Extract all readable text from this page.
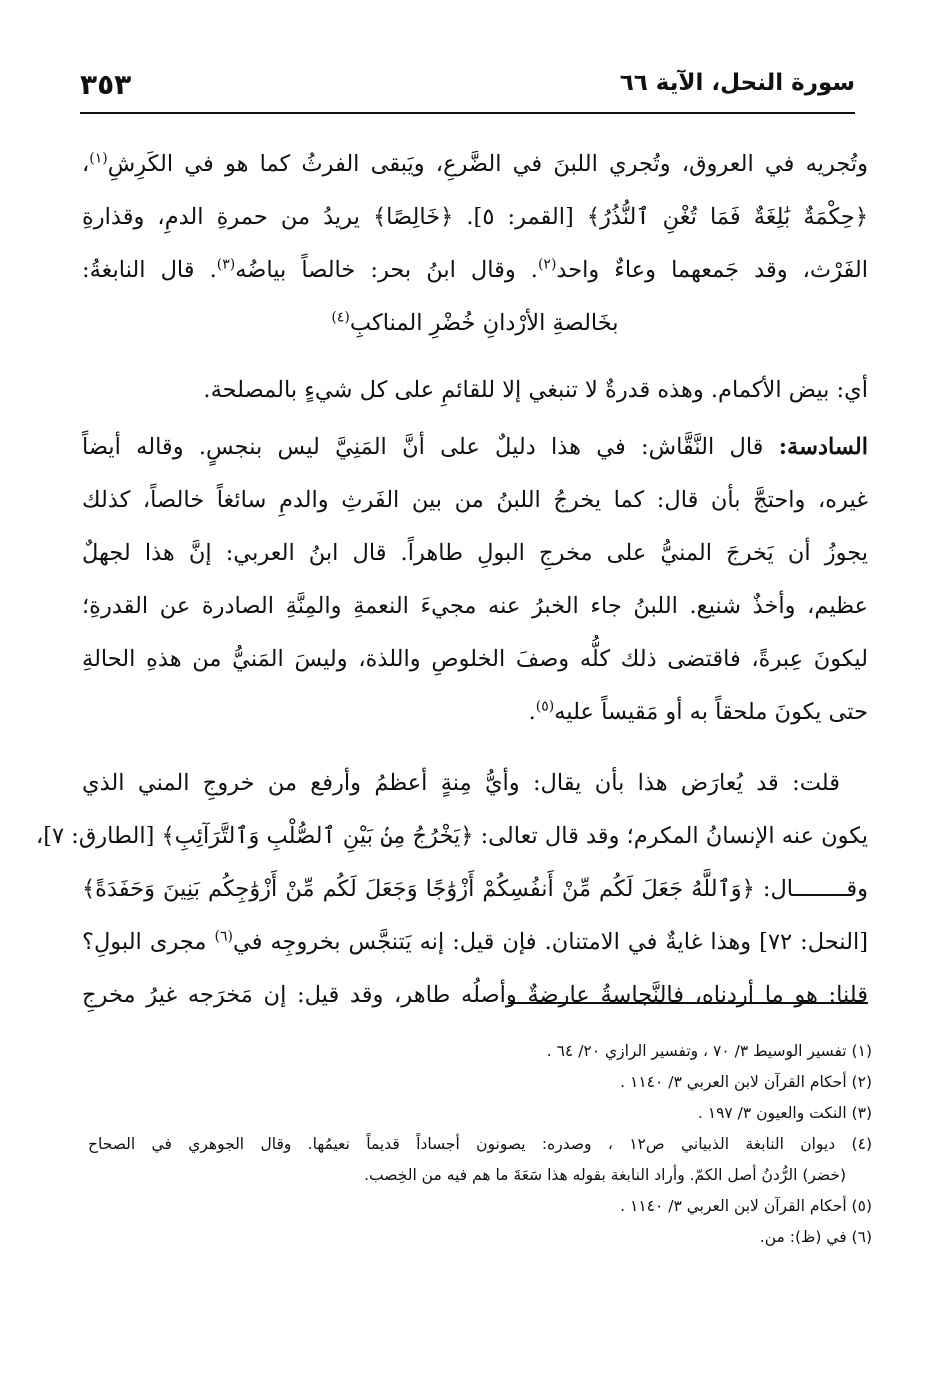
سورة النحل، الآية ٦٦
٣٥٣

وتُجريه في العروق، وتُجري اللبنَ في الضَّرعِ، ويَبقى الفرثُ كما هو في الكَرِشِ$^{(١)}$،

﴿حِكْمَةٌ بَٰلِغَةٌ فَمَا تُغْنِ ٱلنُّذُرُ﴾ [القمر: ٥]. ﴿خَالِصًا﴾ يريدُ من حمرةِ الدمِ، وقذارةِ

الفَرْث، وقد جَمعهما وعاءٌ واحد$^{(٢)}$. وقال ابنُ بحر: خالصاً بياضُه$^{(٣)}$. قال النابغةُ:

بخَالصةِ الأرْدانِ خُضْرِ المناكبِ$^{(٤)}$

أي: بيض الأكمام. وهذه قدرةٌ لا تنبغي إلا للقائمِ على كل شيءٍ بالمصلحة.

السادسة: قال النَّقَّاش: في هذا دليلٌ على أنَّ المَنِيَّ ليس بنجسٍ. وقاله أيضاً

غيره، واحتجَّ بأن قال: كما يخرجُ اللبنُ من بين الفَرثِ والدمِ سائغاً خالصاً، كذلك

يجوزُ أن يَخرجَ المنيُّ على مخرجِ البولِ طاهراً. قال ابنُ العربي: إنَّ هذا لجهلٌ

عظيم، وأخذٌ شنيع. اللبنُ جاء الخبرُ عنه مجيءَ النعمةِ والمِنَّةِ الصادرة عن القدرةِ؛

ليكونَ عِبرةً، فاقتضى ذلك كلُّه وصفَ الخلوصِ واللذة، وليسَ المَنيُّ من هذهِ الحالةِ

حتى يكونَ ملحقاً به أو مَقيساً عليه$^{(٥)}$.

قلت: قد يُعارَض هذا بأن يقال: وأيُّ مِنةٍ أعظمُ وأرفع من خروجِ المني الذي

يكون عنه الإنسانُ المكرم؛ وقد قال تعالى: ﴿يَخْرُجُ مِنۢ بَيْنِ ٱلصُّلْبِ وَٱلتَّرَآئِبِ﴾ [الطارق: ٧]،

وقــــــــال: ﴿وَٱللَّهُ جَعَلَ لَكُم مِّنْ أَنفُسِكُمْ أَزْوَٰجًا وَجَعَلَ لَكُم مِّنْ أَزْوَٰجِكُم بَنِينَ وَحَفَدَةً﴾

[النحل: ٧٢] وهذا غايةٌ في الامتنان. فإن قيل: إنه يَتنجَّس بخروجِه في$^{(٦)}$ مجرى البولِ؟

قلنا: هو ما أردناه، فالنَّجاسةُ عارضةٌ وأصلُه طاهر، وقد قيل: إن مَخرَجه غيرُ مخرجِ

(١) تفسير الوسيط ٣/ ٧٠ ، وتفسير الرازي ٢٠/ ٦٤ .
(٢) أحكام القرآن لابن العربي ٣/ ١١٤٠ .
(٣) النكت والعيون ٣/ ١٩٧ .
(٤) ديوان النابغة الذبياني ص١٢ ، وصدره: يصونون أجساداً قديماً نعيمُها. وقال الجوهري في الصحاح
(خضر) الرُّدنُ أصل الكمّ. وأراد النابغة بقوله هذا سَعَةَ ما هم فيه من الخِصب.
(٥) أحكام القرآن لابن العربي ٣/ ١١٤٠ .
(٦) في (ظ): من.
